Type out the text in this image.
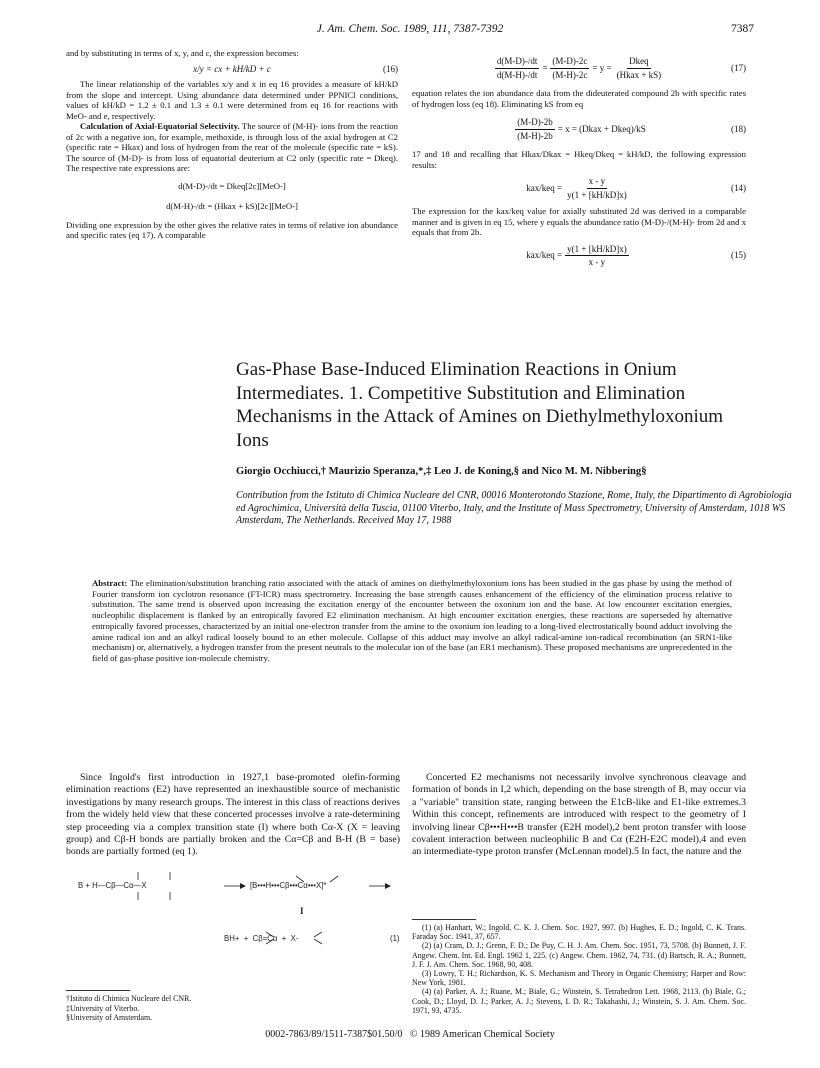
J. Am. Chem. Soc. 1989, 111, 7387-7392	7387

and by substituting in terms of x, y, and c, the expression becomes:

x/y = cx + kH/kD + c	(16)

The linear relationship of the variables x/y and x in eq 16 provides a measure of kH/kD from the slope and intercept. Using abundance data determined under PPNICl conditions, values of kH/kD = 1.2 ± 0.1 and 1.3 ± 0.1 were determined from eq 16 for reactions with MeO- and e, respectively.

Calculation of Axial-Equatorial Selectivity. The source of (M-H)- ions from the reaction of 2c with a negative ion, for example, methoxide, is through loss of the axial hydrogen at C2 (specific rate = Hkax) and loss of hydrogen from the rear of the molecule (specific rate = kS). The source of (M-D)- is from loss of equatorial deuterium at C2 only (specific rate = Dkeq). The respective rate expressions are:

d(M-D)-/dt = Dkeq[2c][MeO-]
d(M-H)-/dt = (Hkax + kS)[2c][MeO-]

Dividing one expression by the other gives the relative rates in terms of relative ion abundance and specific rates (eq 17). A comparable

$\frac{d(M-D)-/dt}{d(M-H)-/dt} = \frac{(M-D)-2c}{(M-H)-2c} = y = \frac{\text{Dkeq}}{\text{(Hkax + kS)}}$	(17)

equation relates the ion abundance data from the dideuterated compound 2b with specific rates of hydrogen loss (eq 18). Eliminating kS from eq

$\frac{(M-D)-2b}{(M-H)-2b} = x$ = (Dkax + Dkeq)/kS	(18)

17 and 18 and recalling that Hkax/Dkax = Hkeq/Dkeq = kH/kD, the following expression results:

$kax/keq = \frac{x - y}{y(1 + [kH/kD]x)}$	(14)

The expression for the kax/keq value for axially substituted 2d was derived in a comparable manner and is given in eq 15, where y equals the abundance ratio (M-D)-/(M-H)- from 2d and x equals that from 2b.

$kax/keq = \frac{y(1 + [kH/kD]x)}{x - y}$	(15)
Gas-Phase Base-Induced Elimination Reactions in Onium Intermediates. 1. Competitive Substitution and Elimination Mechanisms in the Attack of Amines on Diethylmethyloxonium Ions
Giorgio Occhiucci,† Maurizio Speranza,*,‡ Leo J. de Koning,§ and Nico M. M. Nibbering§
Contribution from the Istituto di Chimica Nucleare del CNR, 00016 Monterotondo Stazione, Rome, Italy, the Dipartimento di Agrobiologia ed Agrochimica, Università della Tuscia, 01100 Viterbo, Italy, and the Institute of Mass Spectrometry, University of Amsterdam, 1018 WS Amsterdam, The Netherlands. Received May 17, 1988
Abstract: The elimination/substitution branching ratio associated with the attack of amines on diethylmethyloxonium ions has been studied in the gas phase by using the method of Fourier transform ion cyclotron resonance (FT-ICR) mass spectrometry. Increasing the base strength causes enhancement of the efficiency of the elimination process relative to substitution. The same trend is observed upon increasing the excitation energy of the encounter between the oxonium ion and the base. At low encounter excitation energies, nucleophilic displacement is flanked by an entropically favored E2 elimination mechanism. At high encounter excitation energies, these reactions are superseded by alternative entropically favored processes, characterized by an initial one-electron transfer from the amine to the oxonium ion leading to a long-lived electrostatically bound adduct involving the amine radical ion and an alkyl radical loosely bound to an ether molecule. Collapse of this adduct may involve an alkyl radical-amine ion-radical recombination (an SRN1-like mechanism) or, alternatively, a hydrogen transfer from the present neutrals to the molecular ion of the base (an ER1 mechanism). These proposed mechanisms are unprecedented in the field of gas-phase positive ion-molecule chemistry.

Since Ingold's first introduction in 1927,1 base-promoted olefin-forming elimination reactions (E2) have represented an inexhaustible source of mechanistic investigations by many research groups. The interest in this class of reactions derives from the widely held view that these concerted processes involve a rate-determining step proceeding via a complex transition state (I) where both Cα-X (X = leaving group) and Cβ-H bonds are partially broken and the Cα=Cβ and B-H (B = base) bonds are partially formed (eq 1).

B + H—Cβ—Cα—X	[B•••H•••Cβ•••Cα•••X]*
I
BH+  +  Cβ=Cα  +  X-	(1)
†Istituto di Chimica Nucleare del CNR.
‡University of Viterbo.
§University of Amsterdam.

Concerted E2 mechanisms not necessarily involve synchronous cleavage and formation of bonds in I,2 which, depending on the base strength of B, may occur via a "variable" transition state, ranging between the E1cB-like and E1-like extremes.3 Within this concept, refinements are introduced with respect to the geometry of I involving linear Cβ•••H•••B transfer (E2H model),2 bent proton transfer with loose covalent interaction between nucleophilic B and Cα (E2H-E2C model),4 and even an intermediate-type proton transfer (McLennan model).5 In fact, the nature and the

(1) (a) Hanhart, W.; Ingold, C. K. J. Chem. Soc. 1927, 997. (b) Hughes, E. D.; Ingold, C. K. Trans. Faraday Soc. 1941, 37, 657.

(2) (a) Cram, D. J.; Grenn, F. D.; De Puy, C. H. J. Am. Chem. Soc. 1951, 73, 5708. (b) Bunnett, J. F. Angew. Chem. Int. Ed. Engl. 1962 1, 225. (c) Angew. Chem. 1962, 74, 731. (d) Bartsch, R. A.; Bunnett, J. F. J. Am. Chem. Soc. 1968, 90, 408.

(3) Lowry, T. H.; Richardson, K. S. Mechanism and Theory in Organic Chemistry; Harper and Row: New York, 1981.

(4) (a) Parker, A. J.; Ruane, M.; Biale, G.; Winstein, S. Tetrahedron Lett. 1968, 2113. (b) Biale, G.; Cook, D.; Lloyd, D. J.; Parker, A. J.; Stevens, I. D. R.; Takahashi, J.; Winstein, S. J. Am. Chem. Soc. 1971, 93, 4735.

0002-7863/89/1511-7387$01.50/0   © 1989 American Chemical Society
